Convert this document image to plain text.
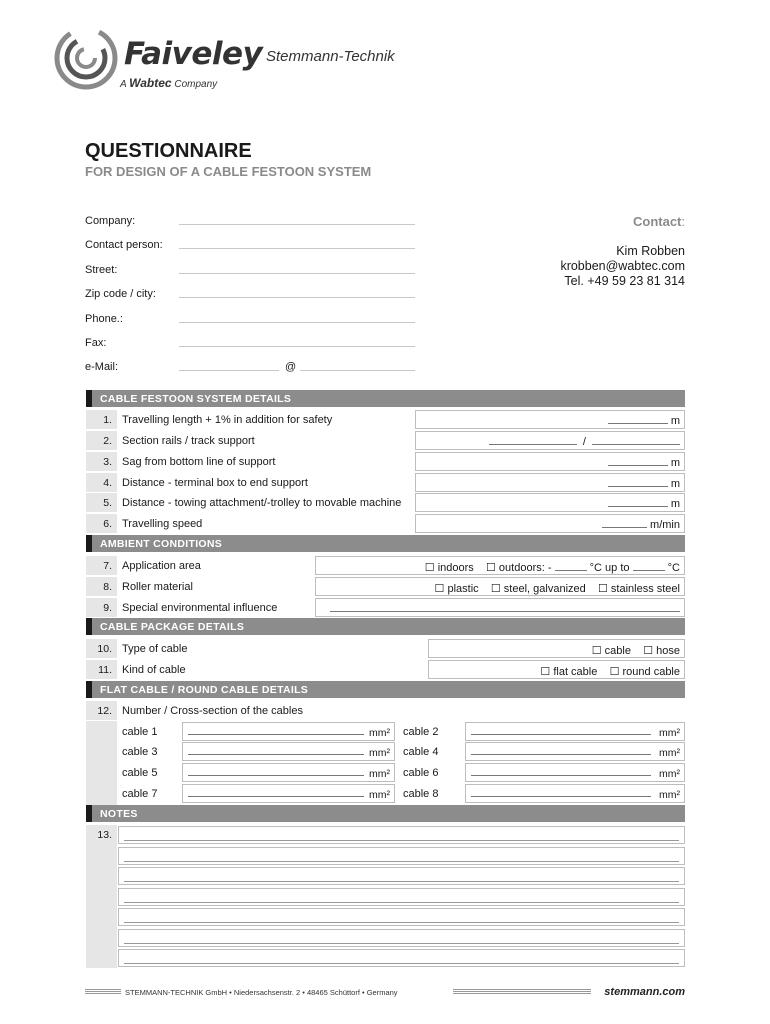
Faiveley Stemmann-Technik
A Wabtec Company
QUESTIONNAIRE
FOR DESIGN OF A CABLE FESTOON SYSTEM
Company:
Contact person:
Street:
Zip code / city:
Phone.:
Fax:
e-Mail:	@
Contact:
Kim Robben
krobben@wabtec.com
Tel. +49 59 23 81 314
CABLE FESTOON SYSTEM DETAILS
1. Travelling length + 1% in addition for safety	m
2. Section rails / track support	/
3. Sag from bottom line of support	m
4. Distance - terminal box to end support	m
5. Distance - towing attachment/-trolley to movable machine	m
6. Travelling speed	m/min
AMBIENT CONDITIONS
7. Application area	☐ indoors ☐ outdoors: -	°C up to	°C
8. Roller material	☐ plastic ☐ steel, galvanized ☐ stainless steel
9. Special environmental influence
CABLE PACKAGE DETAILS
10. Type of cable	☐ cable ☐ hose
11. Kind of cable	☐ flat cable ☐ round cable
FLAT CABLE / ROUND CABLE DETAILS
12. Number / Cross-section of the cables
cable 1	mm²	cable 2	mm²
cable 3	mm²	cable 4	mm²
cable 5	mm²	cable 6	mm²
cable 7	mm²	cable 8	mm²
NOTES
13.
STEMMANN-TECHNIK GmbH • Niedersachsenstr. 2 • 48465 Schüttorf • Germany	stemmann.com
